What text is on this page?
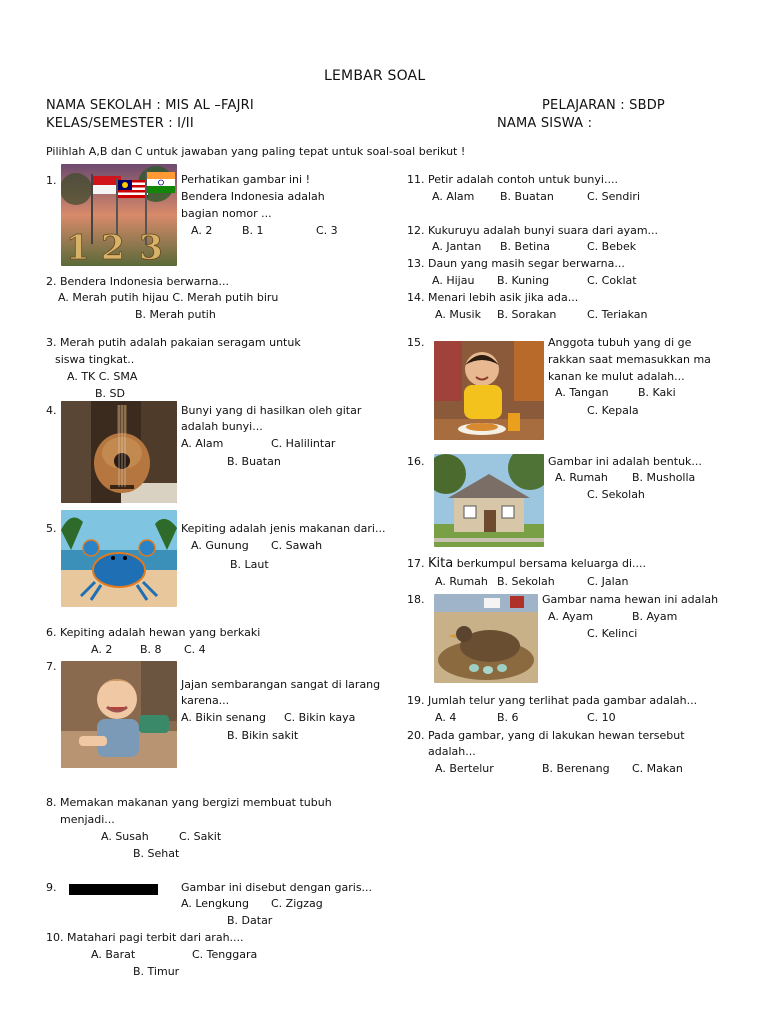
LEMBAR SOAL
NAMA SEKOLAH : MIS AL –FAJRI	PELAJARAN : SBDP
KELAS/SEMESTER : I/II	NAMA SISWA :
Pilihlah A,B dan C untuk jawaban yang paling tepat untuk soal-soal berikut !
1.
1 2 3
Perhatikan gambar ini !
Bendera Indonesia adalah
bagian nomor ...
A. 2	B. 1	C. 3
2. Bendera Indonesia berwarna...
A. Merah putih hijau C. Merah putih biru
B. Merah putih
3. Merah putih adalah pakaian seragam untuk
siswa tingkat..
A. TK C. SMA
B. SD
4.	Bunyi yang di hasilkan oleh gitar
adalah bunyi...
A. Alam	C. Halilintar
B. Buatan
5.	Kepiting adalah jenis makanan dari...
A. Gunung C. Sawah
B. Laut
6. Kepiting adalah hewan yang berkaki
A. 2	B. 8 C. 4
7.
Jajan sembarangan sangat di larang
karena...
A. Bikin senang C. Bikin kaya
B. Bikin sakit
8. Memakan makanan yang bergizi membuat tubuh
menjadi...
A. Susah	C. Sakit
B. Sehat
9.	Gambar ini disebut dengan garis...
A. Lengkung C. Zigzag
B. Datar
10. Matahari pagi terbit dari arah....
A. Barat	C. Tenggara
B. Timur
11. Petir adalah contoh untuk bunyi....
A. Alam B. Buatan	C. Sendiri
12. Kukuruyu adalah bunyi suara dari ayam...
A. Jantan B. Betina	C. Bebek
13. Daun yang masih segar berwarna...
A. Hijau B. Kuning	C. Coklat
14. Menari lebih asik jika ada...
A. Musik B. Sorakan	C. Teriakan
15.	Anggota tubuh yang di ge
rakkan saat memasukkan ma
kanan ke mulut adalah...
A. Tangan	B. Kaki
C. Kepala
16.	Gambar ini adalah bentuk...
A. Rumah B. Musholla
C. Sekolah
17. Kita berkumpul bersama keluarga di....
A. Rumah B. Sekolah	C. Jalan
18.	Gambar nama hewan ini adalah
A. Ayam	B. Ayam
C. Kelinci
19. Jumlah telur yang terlihat pada gambar adalah...
A. 4	B. 6	C. 10
20. Pada gambar, yang di lakukan hewan tersebut
adalah...
A. Bertelur	B. Berenang C. Makan
